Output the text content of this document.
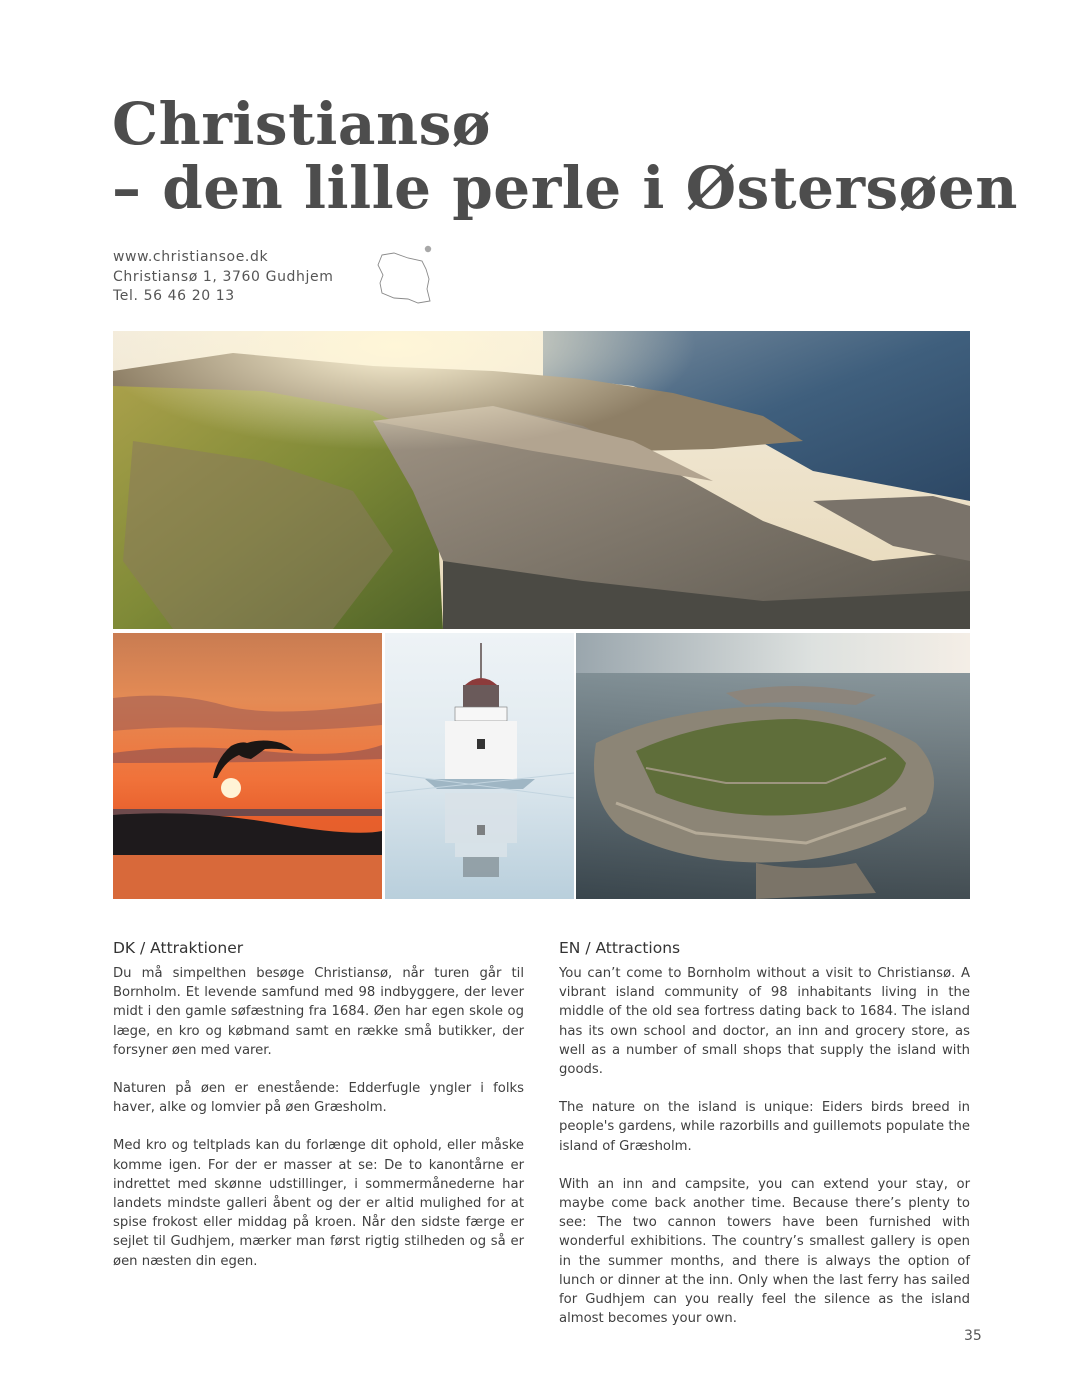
Christiansø
– den lille perle i Østersøen
www.christiansoe.dk
Christiansø 1, 3760 Gudhjem
Tel. 56 46 20 13
DK / Attraktioner

Du må simpelthen besøge Christiansø, når turen går til Bornholm. Et levende samfund med 98 indbyggere, der lever midt i den gamle søfæstning fra 1684. Øen har egen skole og læge, en kro og købmand samt en række små butikker, der forsyner øen med varer.

Naturen på øen er enestående: Edderfugle yngler i folks haver, alke og lomvier på øen Græsholm.

Med kro og teltplads kan du forlænge dit ophold, eller måske komme igen. For der er masser at se: De to kanontårne er indrettet med skønne udstillinger, i sommermånederne har landets mindste galleri åbent og der er altid mulighed for at spise frokost eller middag på kroen. Når den sidste færge er sejlet til Gudhjem, mærker man først rigtig stilheden og så er øen næsten din egen.

EN / Attractions

You can’t come to Bornholm without a visit to Christiansø. A vibrant island community of 98 inhabitants living in the middle of the old sea fortress dating back to 1684. The island has its own school and doctor, an inn and grocery store, as well as a number of small shops that supply the island with goods.

The nature on the island is unique: Eiders birds breed in people's gardens, while razorbills and guillemots populate the island of Græsholm.

With an inn and campsite, you can extend your stay, or maybe come back another time. Because there’s plenty to see: The two cannon towers have been furnished with wonderful exhibitions. The country’s smallest gallery is open in the summer months, and there is always the option of lunch or dinner at the inn. Only when the last ferry has sailed for Gudhjem can you really feel the silence as the island almost becomes your own.

35
